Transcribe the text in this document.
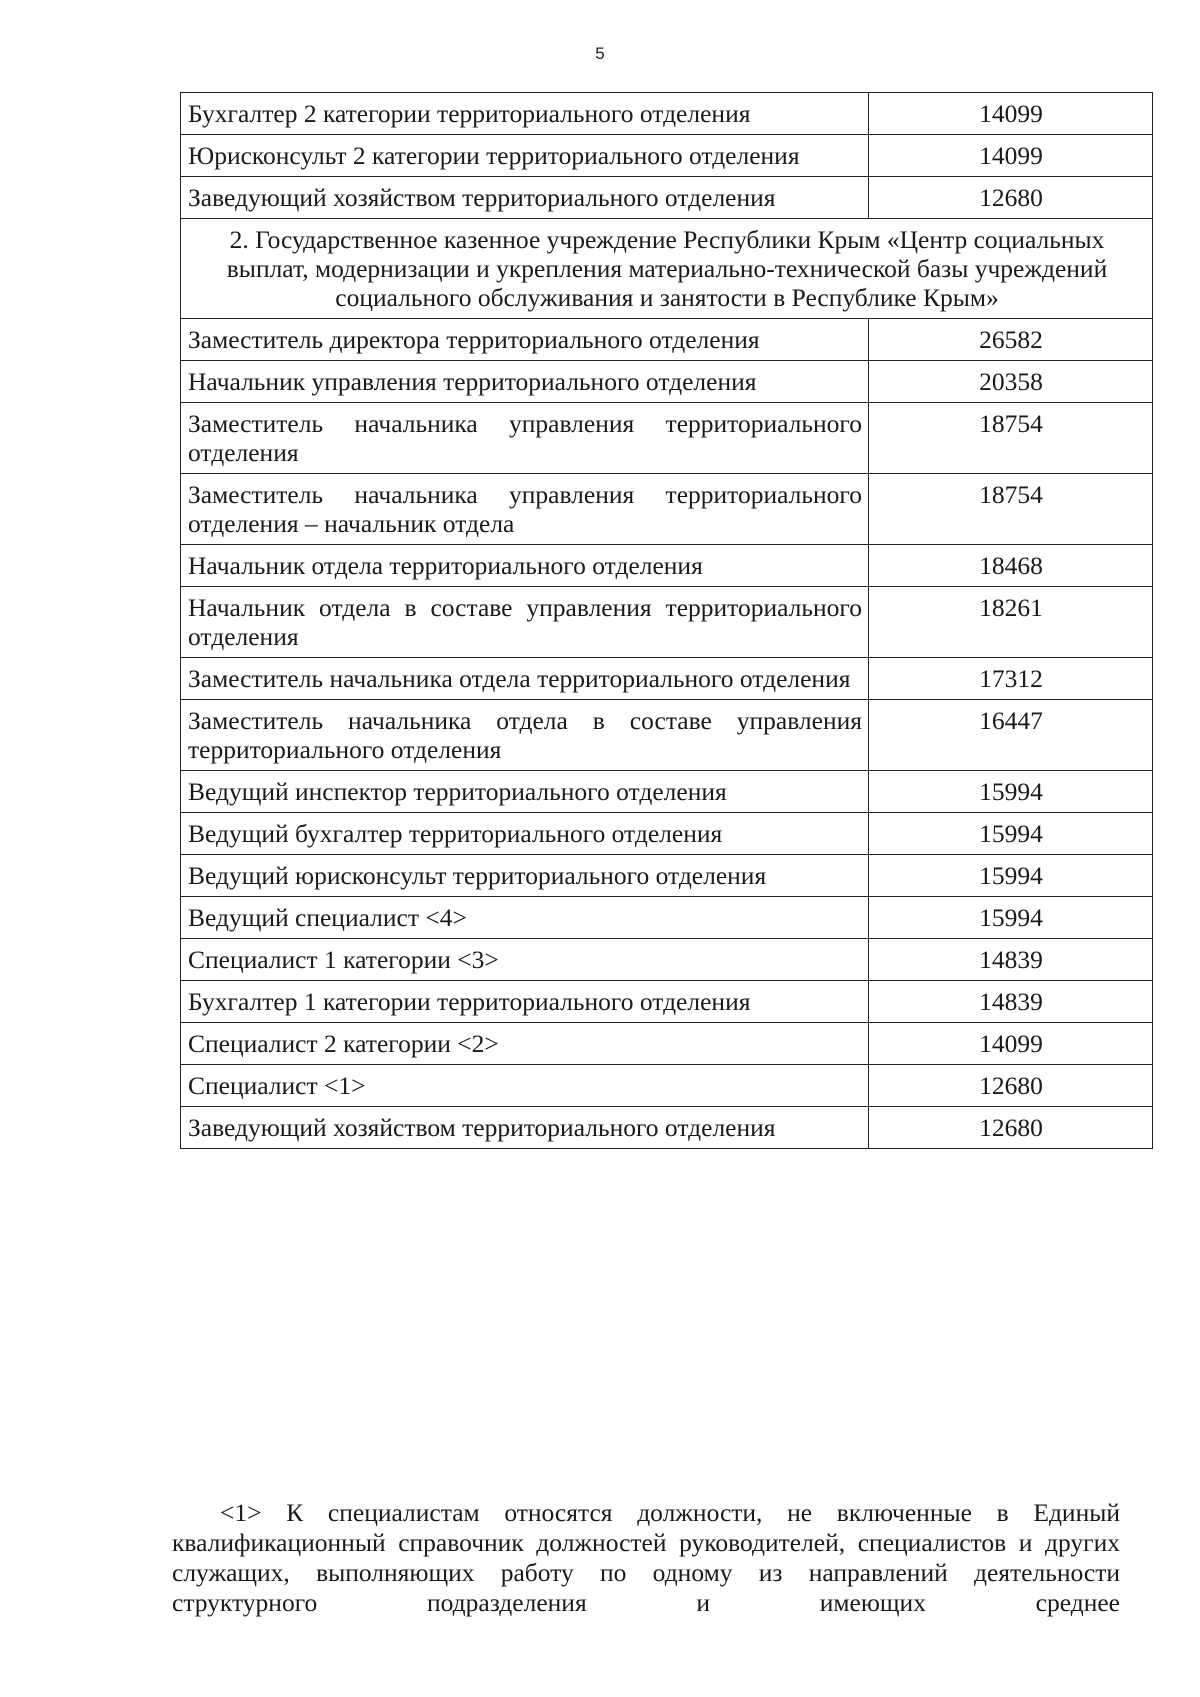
5
Бухгалтер 2 категории территориального отделения	14099
Юрисконсульт 2 категории территориального отделения	14099
Заведующий хозяйством территориального отделения	12680
2. Государственное казенное учреждение Республики Крым «Центр социальных выплат, модернизации и укрепления материально-технической базы учреждений социального обслуживания и занятости в Республике Крым»	
Заместитель директора территориального отделения	26582
Начальник управления территориального отделения	20358
Заместитель начальника управления территориального отделения	18754
Заместитель начальника управления территориального отделения – начальник отдела	18754
Начальник отдела территориального отделения	18468
Начальник отдела в составе управления территориального отделения	18261
Заместитель начальника отдела территориального отделения	17312
Заместитель начальника отдела в составе управления территориального отделения	16447
Ведущий инспектор территориального отделения	15994
Ведущий бухгалтер территориального отделения	15994
Ведущий юрисконсульт территориального отделения	15994
Ведущий специалист <4>	15994
Специалист 1 категории <3>	14839
Бухгалтер 1 категории территориального отделения	14839
Специалист 2 категории <2>	14099
Специалист <1>	12680
Заведующий хозяйством территориального отделения	12680

<1> К специалистам относятся должности, не включенные в Единый квалификационный справочник должностей руководителей, специалистов и других служащих, выполняющих работу по одному из направлений деятельности структурного подразделения и имеющих среднее
